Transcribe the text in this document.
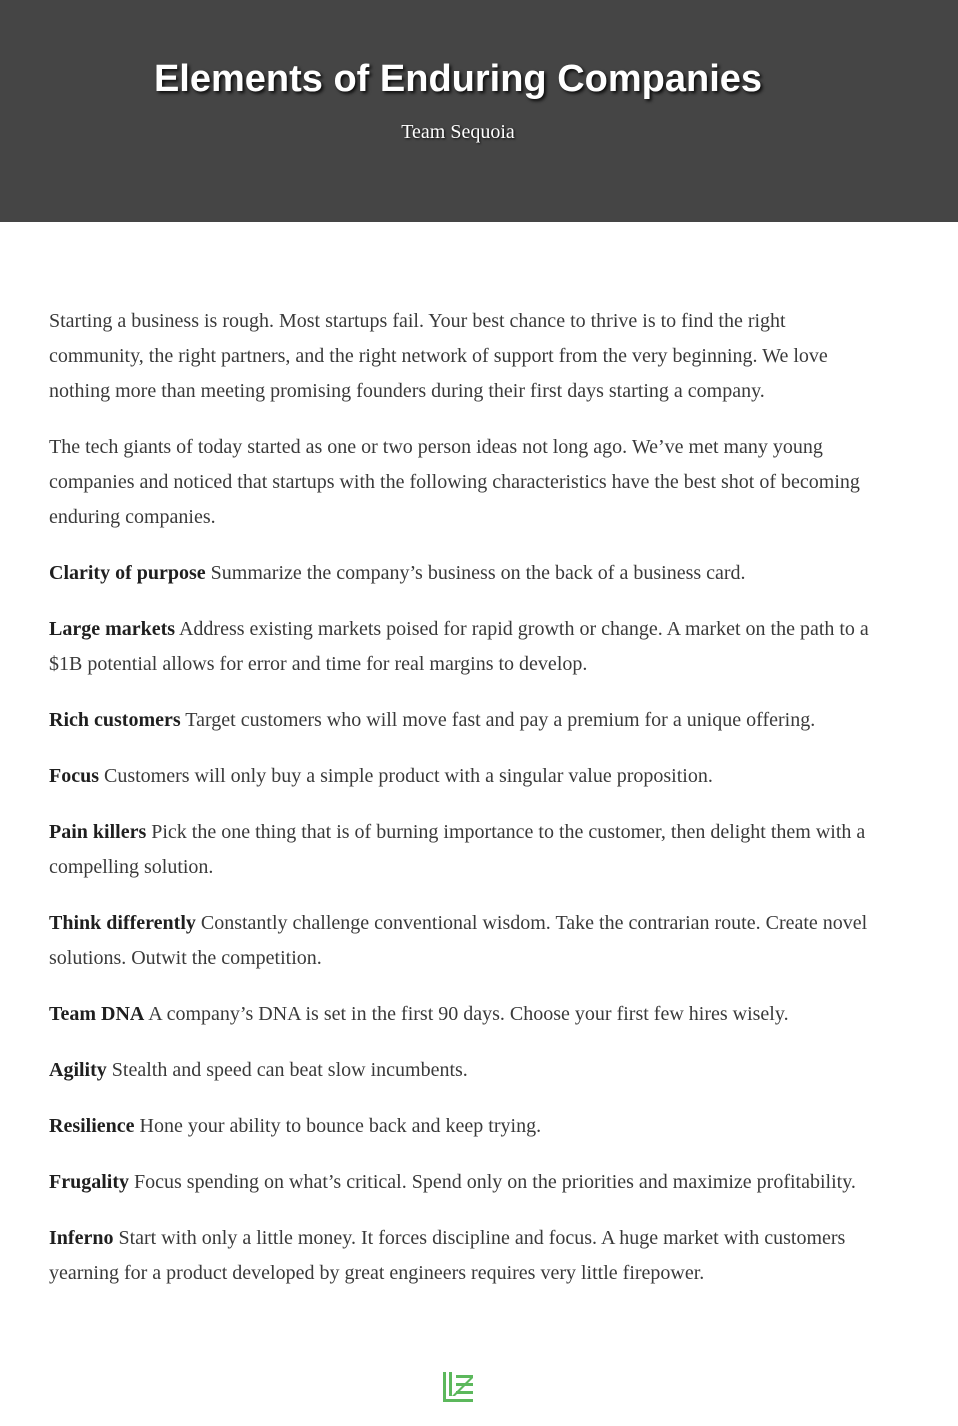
Elements of Enduring Companies
Team Sequoia

Starting a business is rough. Most startups fail. Your best chance to thrive is to find the right community, the right partners, and the right network of support from the very beginning. We love nothing more than meeting promising founders during their first days starting a company.

The tech giants of today started as one or two person ideas not long ago. We’ve met many young companies and noticed that startups with the following characteristics have the best shot of becoming enduring companies.

Clarity of purpose Summarize the company’s business on the back of a business card.

Large markets Address existing markets poised for rapid growth or change. A market on the path to a $1B potential allows for error and time for real margins to develop.

Rich customers Target customers who will move fast and pay a premium for a unique offering.

Focus Customers will only buy a simple product with a singular value proposition.

Pain killers Pick the one thing that is of burning importance to the customer, then delight them with a compelling solution.

Think differently Constantly challenge conventional wisdom. Take the contrarian route. Create novel solutions. Outwit the competition.

Team DNA A company’s DNA is set in the first 90 days. Choose your first few hires wisely.

Agility Stealth and speed can beat slow incumbents.

Resilience Hone your ability to bounce back and keep trying.

Frugality Focus spending on what’s critical. Spend only on the priorities and maximize profitability.

Inferno Start with only a little money. It forces discipline and focus. A huge market with customers yearning for a product developed by great engineers requires very little firepower.
